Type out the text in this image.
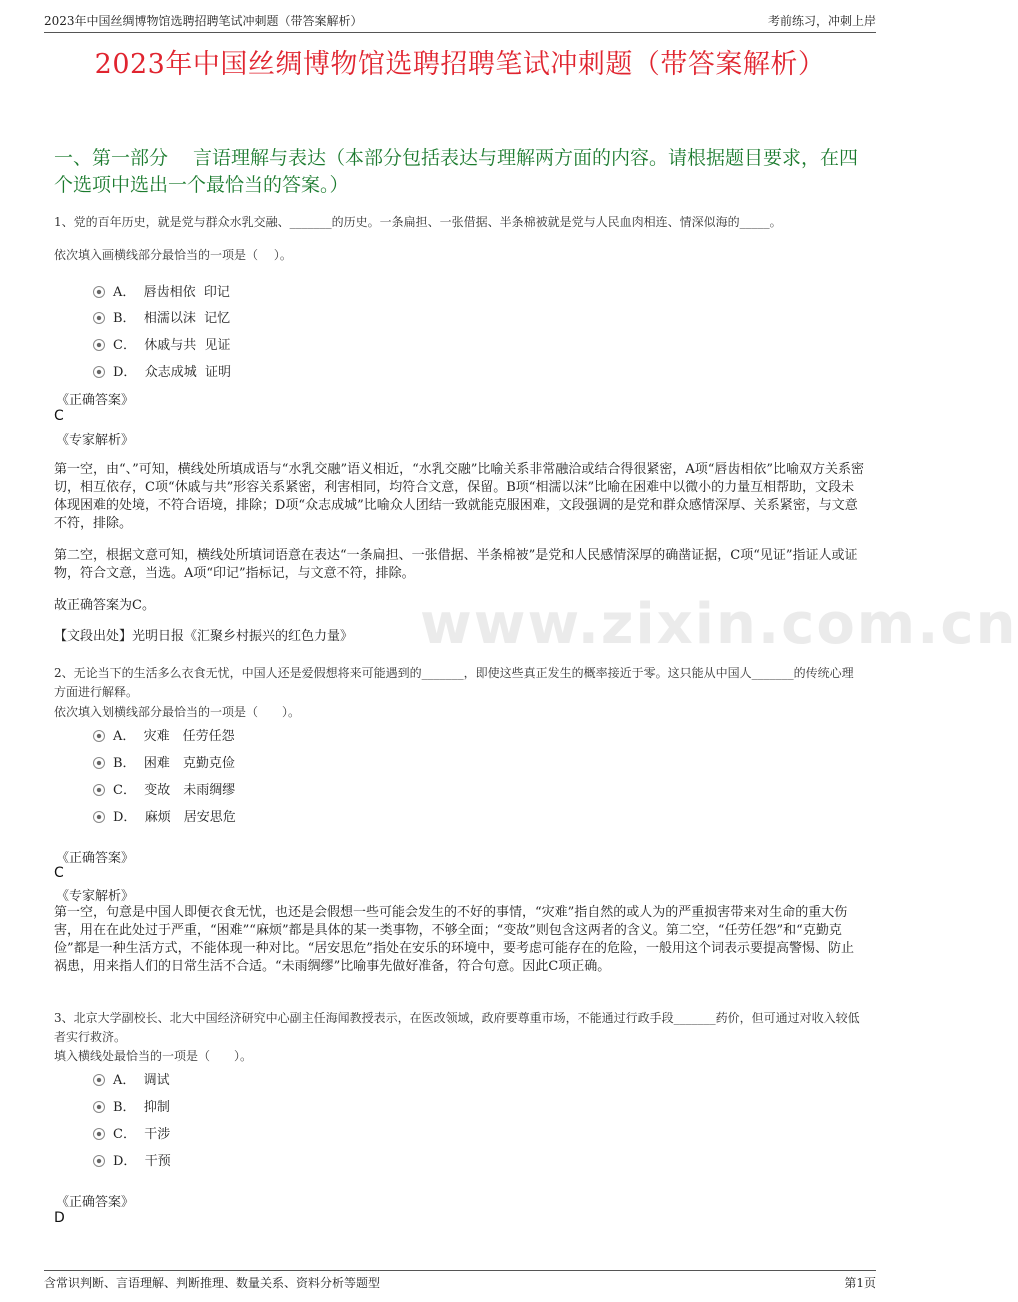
2023年中国丝绸博物馆选聘招聘笔试冲刺题（带答案解析）	考前练习，冲刺上岸
www.zixin.com.cn
2023年中国丝绸博物馆选聘招聘笔试冲刺题（带答案解析）
一、第一部分　 言语理解与表达（本部分包括表达与理解两方面的内容。请根据题目要求，在四个选项中选出一个最恰当的答案。）
1、党的百年历史，就是党与群众水乳交融、_______的历史。一条扁担、一张借据、半条棉被就是党与人民血肉相连、情深似海的_____。
依次填入画横线部分最恰当的一项是（　 ）。
A．  唇齿相依  印记
B．  相濡以沫  记忆
C．  休戚与共  见证
D．  众志成城  证明
《正确答案》
C
《专家解析》
第一空，由“、”可知，横线处所填成语与“水乳交融”语义相近，“水乳交融”比喻关系非常融洽或结合得很紧密，A项“唇齿相依”比喻双方关系密切，相互依存，C项“休戚与共”形容关系紧密，利害相同，均符合文意，保留。B项“相濡以沫”比喻在困难中以微小的力量互相帮助，文段未体现困难的处境，不符合语境，排除；D项“众志成城”比喻众人团结一致就能克服困难，文段强调的是党和群众感情深厚、关系紧密，与文意不符，排除。
第二空，根据文意可知，横线处所填词语意在表达“一条扁担、一张借据、半条棉被”是党和人民感情深厚的确凿证据，C项“见证”指证人或证物，符合文意，当选。A项“印记”指标记，与文意不符，排除。
故正确答案为C。
【文段出处】光明日报《汇聚乡村振兴的红色力量》
2、无论当下的生活多么衣食无忧，中国人还是爱假想将来可能遇到的_______，即使这些真正发生的概率接近于零。这只能从中国人_______的传统心理方面进行解释。
依次填入划横线部分最恰当的一项是（　　）。
A．  灾难　任劳任怨
B．  困难　克勤克俭
C．  变故　未雨绸缪
D．  麻烦　居安思危
《正确答案》
C
《专家解析》
第一空，句意是中国人即便衣食无忧，也还是会假想一些可能会发生的不好的事情，“灾难”指自然的或人为的严重损害带来对生命的重大伤害，用在在此处过于严重，“困难”“麻烦”都是具体的某一类事物，不够全面；“变故”则包含这两者的含义。第二空，“任劳任怨”和“克勤克俭”都是一种生活方式，不能体现一种对比。“居安思危”指处在安乐的环境中，要考虑可能存在的危险，一般用这个词表示要提高警惕、防止祸患，用来指人们的日常生活不合适。“未雨绸缪”比喻事先做好准备，符合句意。因此C项正确。
3、北京大学副校长、北大中国经济研究中心副主任海闻教授表示，在医改领域，政府要尊重市场，不能通过行政手段_______药价，但可通过对收入较低者实行救济。
填入横线处最恰当的一项是（　　）。
A．  调试
B．  抑制
C．  干涉
D．  干预
《正确答案》
D
含常识判断、言语理解、判断推理、数量关系、资料分析等题型	第1页
